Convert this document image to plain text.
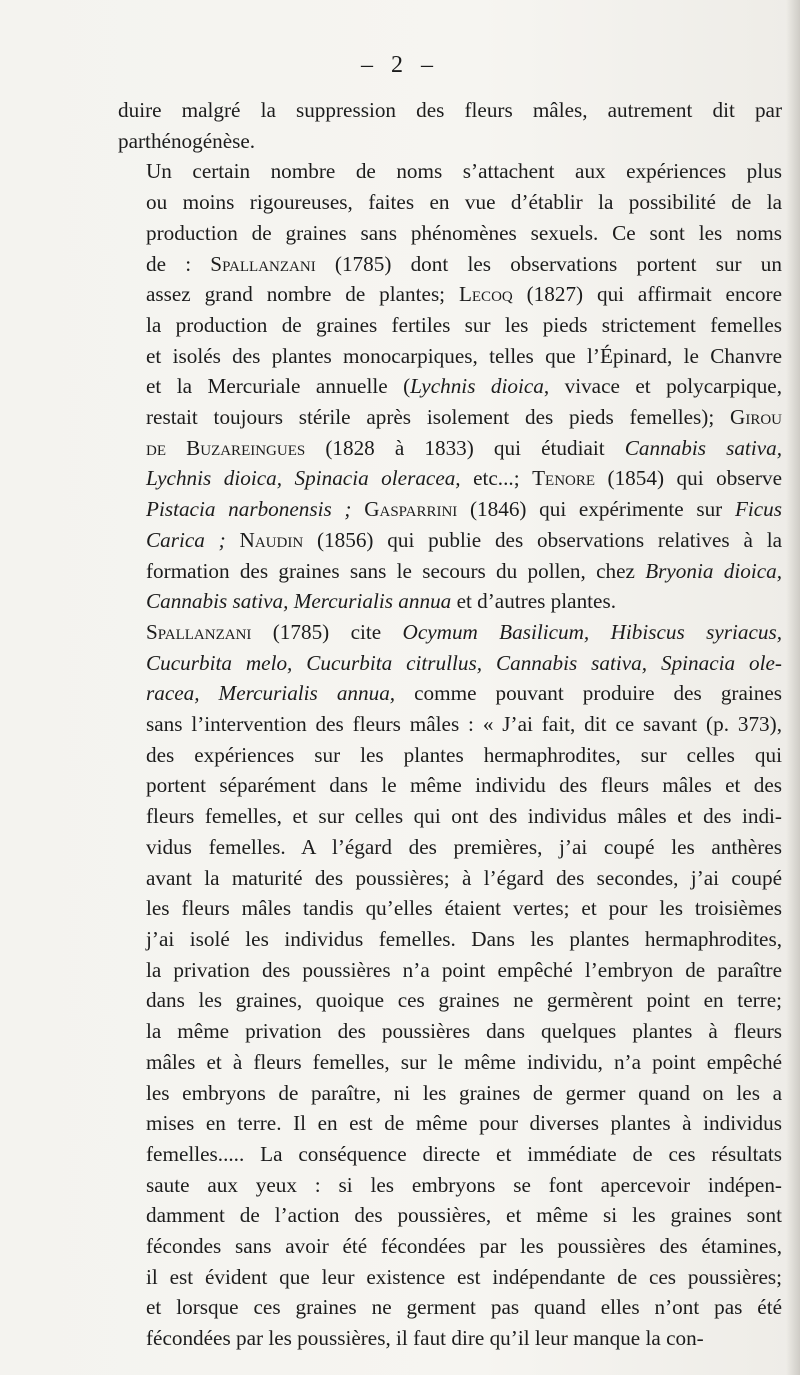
– 2 –

duire malgré la suppression des fleurs mâles, autrement dit par
parthénogénèse.

Un certain nombre de noms s’attachent aux expériences plus
ou moins rigoureuses, faites en vue d’établir la possibilité de la
production de graines sans phénomènes sexuels. Ce sont les noms
de : Spallanzani (1785) dont les observations portent sur un
assez grand nombre de plantes; Lecoq (1827) qui affirmait encore
la production de graines fertiles sur les pieds strictement femelles
et isolés des plantes monocarpiques, telles que l’Épinard, le Chanvre
et la Mercuriale annuelle (Lychnis dioica, vivace et polycarpique,
restait toujours stérile après isolement des pieds femelles); Girou
de Buzareingues (1828 à 1833) qui étudiait Cannabis sativa,
Lychnis dioica, Spinacia oleracea, etc...; Tenore (1854) qui observe
Pistacia narbonensis ; Gasparrini (1846) qui expérimente sur Ficus
Carica ; Naudin (1856) qui publie des observations relatives à la
formation des graines sans le secours du pollen, chez Bryonia dioica,
Cannabis sativa, Mercurialis annua et d’autres plantes.

Spallanzani (1785) cite Ocymum Basilicum, Hibiscus syriacus,
Cucurbita melo, Cucurbita citrullus, Cannabis sativa, Spinacia ole-
racea, Mercurialis annua, comme pouvant produire des graines
sans l’intervention des fleurs mâles : « J’ai fait, dit ce savant (p. 373),
des expériences sur les plantes hermaphrodites, sur celles qui
portent séparément dans le même individu des fleurs mâles et des
fleurs femelles, et sur celles qui ont des individus mâles et des indi-
vidus femelles. A l’égard des premières, j’ai coupé les anthères
avant la maturité des poussières; à l’égard des secondes, j’ai coupé
les fleurs mâles tandis qu’elles étaient vertes; et pour les troisièmes
j’ai isolé les individus femelles. Dans les plantes hermaphrodites,
la privation des poussières n’a point empêché l’embryon de paraître
dans les graines, quoique ces graines ne germèrent point en terre;
la même privation des poussières dans quelques plantes à fleurs
mâles et à fleurs femelles, sur le même individu, n’a point empêché
les embryons de paraître, ni les graines de germer quand on les a
mises en terre. Il en est de même pour diverses plantes à individus
femelles..... La conséquence directe et immédiate de ces résultats
saute aux yeux : si les embryons se font apercevoir indépen-
damment de l’action des poussières, et même si les graines sont
fécondes sans avoir été fécondées par les poussières des étamines,
il est évident que leur existence est indépendante de ces poussières;
et lorsque ces graines ne germent pas quand elles n’ont pas été
fécondées par les poussières, il faut dire qu’il leur manque la con-
